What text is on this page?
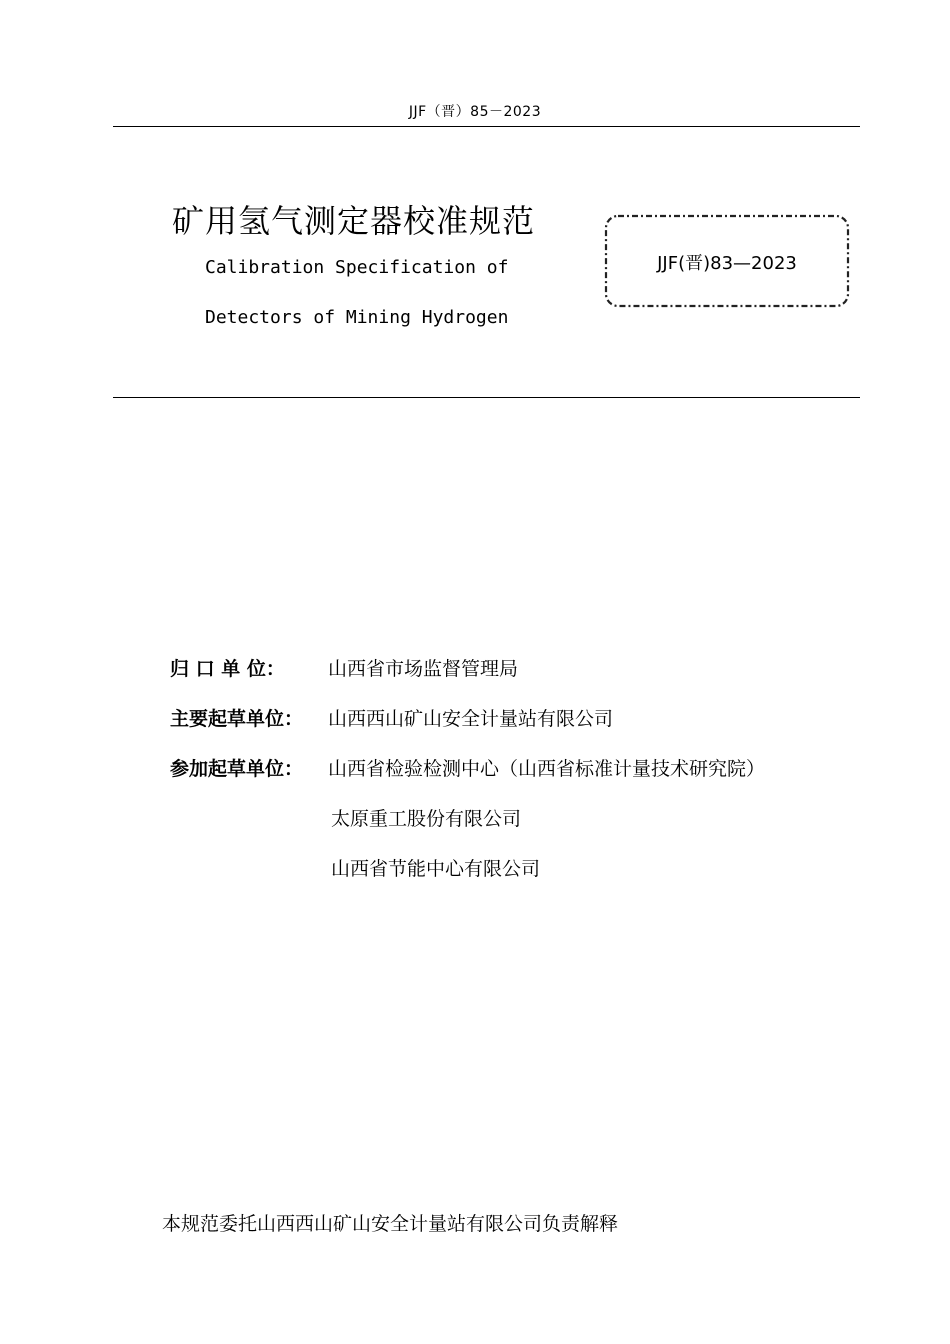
JJF（晋）85－2023
矿用氢气测定器校准规范
Calibration Specification of
Detectors of Mining Hydrogen
JJF(晋)83—2023
归 口 单 位： 山西省市场监督管理局
主要起草单位： 山西西山矿山安全计量站有限公司
参加起草单位： 山西省检验检测中心（山西省标准计量技术研究院）
太原重工股份有限公司
山西省节能中心有限公司
本规范委托山西西山矿山安全计量站有限公司负责解释
